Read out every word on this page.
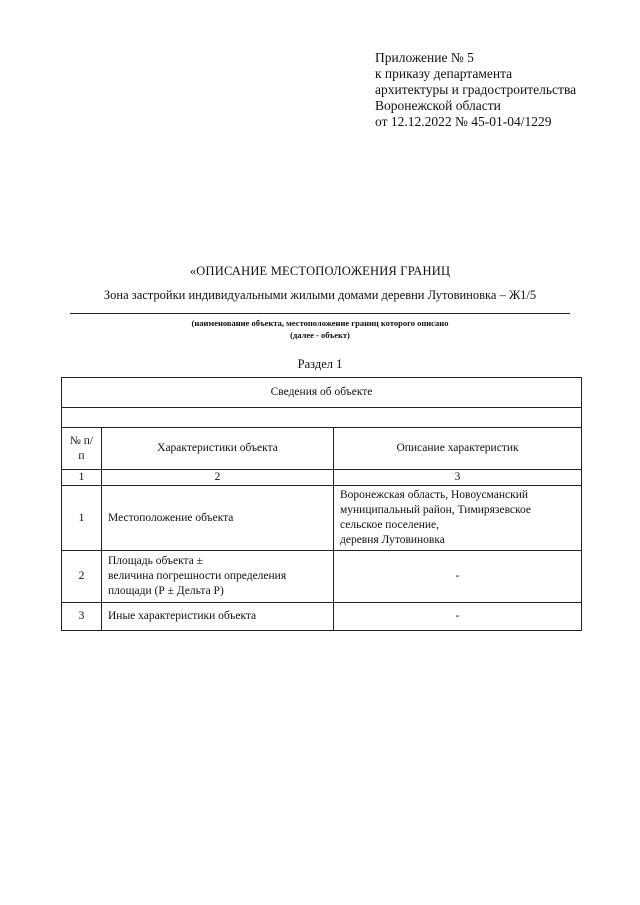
Приложение № 5
к приказу департамента
архитектуры и градостроительства
Воронежской области
от 12.12.2022 № 45-01-04/1229
«ОПИСАНИЕ МЕСТОПОЛОЖЕНИЯ ГРАНИЦ
Зона застройки индивидуальными жилыми домами деревни Лутовиновка – Ж1/5
(наименование объекта, местоположение границ которого описано
(далее - объект)
Раздел 1
Сведения об объекте		

№ п/п	Характеристики объекта	Описание характеристик
1	2	3
1	Местоположение объекта	Воронежская область, Новоусманский
муниципальный район, Тимирязевское
сельское поселение,
деревня Лутовиновка

2	Площадь объекта ±
величина погрешности определения
площади (Р ± Дельта Р)	-
3	Иные характеристики объекта	-
